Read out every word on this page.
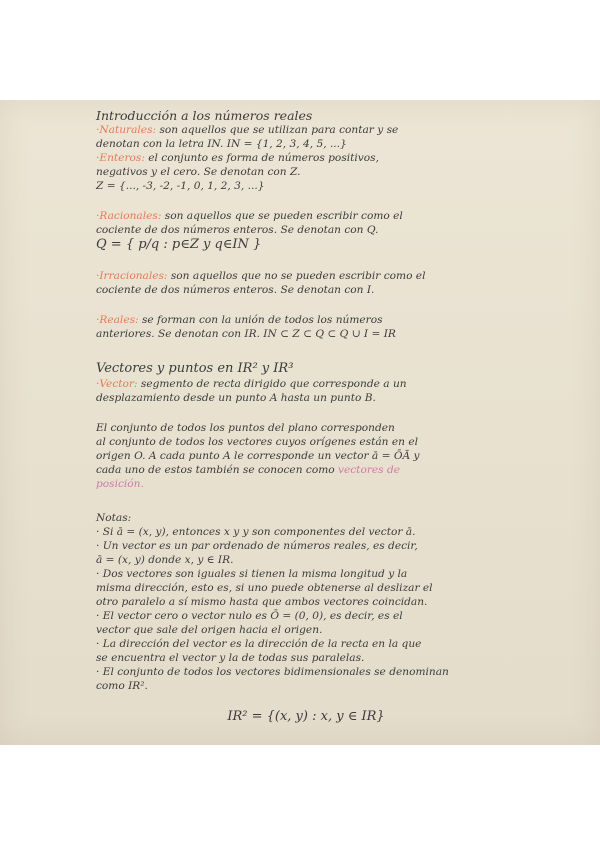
Introducción a los números reales
·Naturales: son aquellos que se utilizan para contar y se
denotan con la letra IN. IN = {1, 2, 3, 4, 5, ...}
·Enteros: el conjunto es forma de números positivos,
negativos y el cero. Se denotan con Z.
Z = {..., -3, -2, -1, 0, 1, 2, 3, ...}
·Racionales: son aquellos que se pueden escribir como el
cociente de dos números enteros. Se denotan con Q.
Q = { p/q : p∈Z y q∈IN }
·Irracionales: son aquellos que no se pueden escribir como el
cociente de dos números enteros. Se denotan con I.
·Reales: se forman con la unión de todos los números
anteriores. Se denotan con IR. IN ⊂ Z ⊂ Q ⊂ Q ∪ I = IR
Vectores y puntos en IR² y IR³
·Vector: segmento de recta dirigido que corresponde a un
desplazamiento desde un punto A hasta un punto B.
El conjunto de todos los puntos del plano corresponden
al conjunto de todos los vectores cuyos orígenes están en el
origen O. A cada punto A le corresponde un vector ā = ŌĀ y
cada uno de estos también se conocen como vectores de
posición.
Notas:
· Si ā = (x, y), entonces x y y son componentes del vector ā.
· Un vector es un par ordenado de números reales, es decir,
ā = (x, y) donde x, y ∈ IR.
· Dos vectores son iguales si tienen la misma longitud y la
misma dirección, esto es, si uno puede obtenerse al deslizar el
otro paralelo a sí mismo hasta que ambos vectores coincidan.
· El vector cero o vector nulo es Ō = (0, 0), es decir, es el
vector que sale del origen hacia el origen.
· La dirección del vector es la dirección de la recta en la que
se encuentra el vector y la de todas sus paralelas.
· El conjunto de todos los vectores bidimensionales se denominan
como IR².
IR² = {(x, y) : x, y ∈ IR}
